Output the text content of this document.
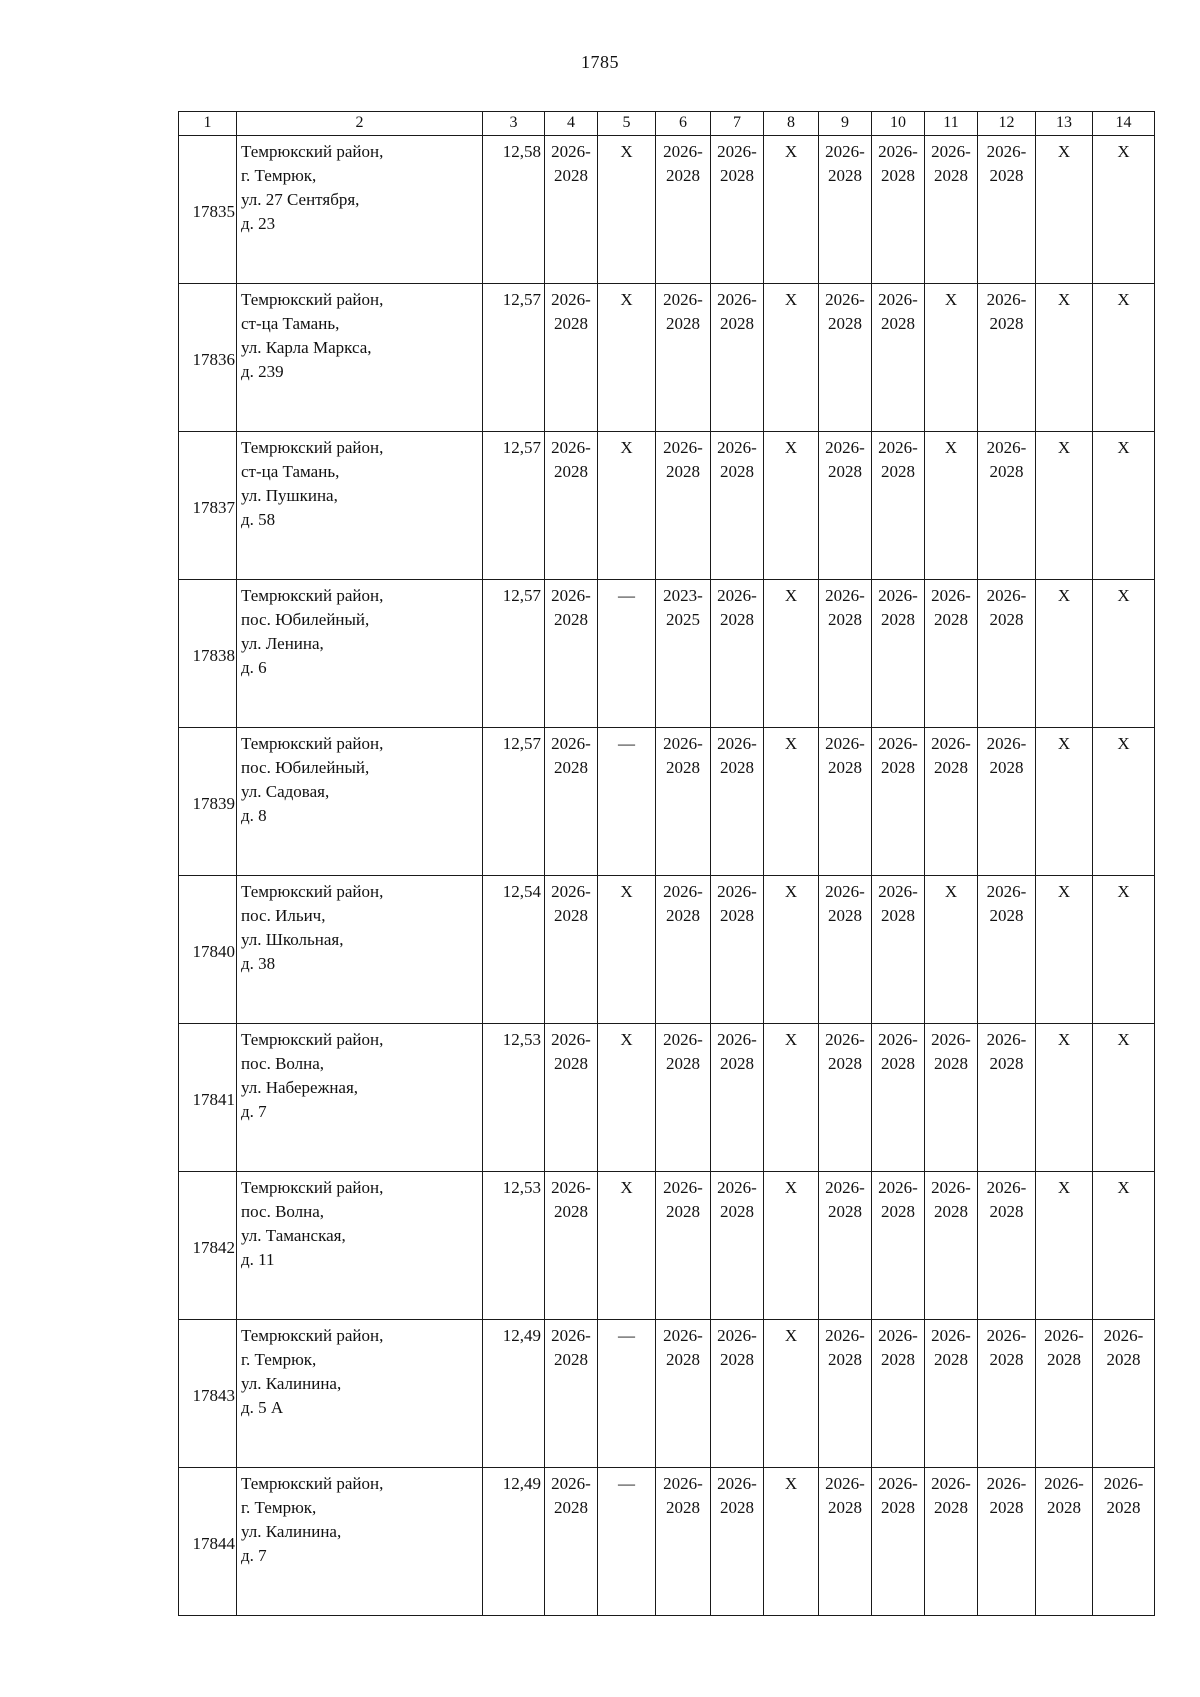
1785
1	2	3	4	5	6	7	8	9	10	11	12	13	14
17835	Темрюкский район,
г. Темрюк,
ул. 27 Сентября,
д. 23	12,58	2026-
2028	Х	2026-
2028	2026-
2028	Х	2026-
2028	2026-
2028	2026-
2028	2026-
2028	Х	Х

17836	Темрюкский район,
ст-ца Тамань,
ул. Карла Маркса,
д. 239	12,57	2026-
2028	Х	2026-
2028	2026-
2028	Х	2026-
2028	2026-
2028	Х	2026-
2028	Х	Х

17837	Темрюкский район,
ст-ца Тамань,
ул. Пушкина,
д. 58	12,57	2026-
2028	Х	2026-
2028	2026-
2028	Х	2026-
2028	2026-
2028	Х	2026-
2028	Х	Х

17838	Темрюкский район,
пос. Юбилейный,
ул. Ленина,
д. 6	12,57	2026-
2028	—	2023-
2025	2026-
2028	Х	2026-
2028	2026-
2028	2026-
2028	2026-
2028	Х	Х

17839	Темрюкский район,
пос. Юбилейный,
ул. Садовая,
д. 8	12,57	2026-
2028	—	2026-
2028	2026-
2028	Х	2026-
2028	2026-
2028	2026-
2028	2026-
2028	Х	Х

17840	Темрюкский район,
пос. Ильич,
ул. Школьная,
д. 38	12,54	2026-
2028	Х	2026-
2028	2026-
2028	Х	2026-
2028	2026-
2028	Х	2026-
2028	Х	Х

17841	Темрюкский район,
пос. Волна,
ул. Набережная,
д. 7	12,53	2026-
2028	Х	2026-
2028	2026-
2028	Х	2026-
2028	2026-
2028	2026-
2028	2026-
2028	Х	Х

17842	Темрюкский район,
пос. Волна,
ул. Таманская,
д. 11	12,53	2026-
2028	Х	2026-
2028	2026-
2028	Х	2026-
2028	2026-
2028	2026-
2028	2026-
2028	Х	Х

17843	Темрюкский район,
г. Темрюк,
ул. Калинина,
д. 5 А	12,49	2026-
2028	—	2026-
2028	2026-
2028	Х	2026-
2028	2026-
2028	2026-
2028	2026-
2028	2026-
2028	2026-
2028

17844	Темрюкский район,
г. Темрюк,
ул. Калинина,
д. 7	12,49	2026-
2028	—	2026-
2028	2026-
2028	Х	2026-
2028	2026-
2028	2026-
2028	2026-
2028	2026-
2028	2026-
2028
